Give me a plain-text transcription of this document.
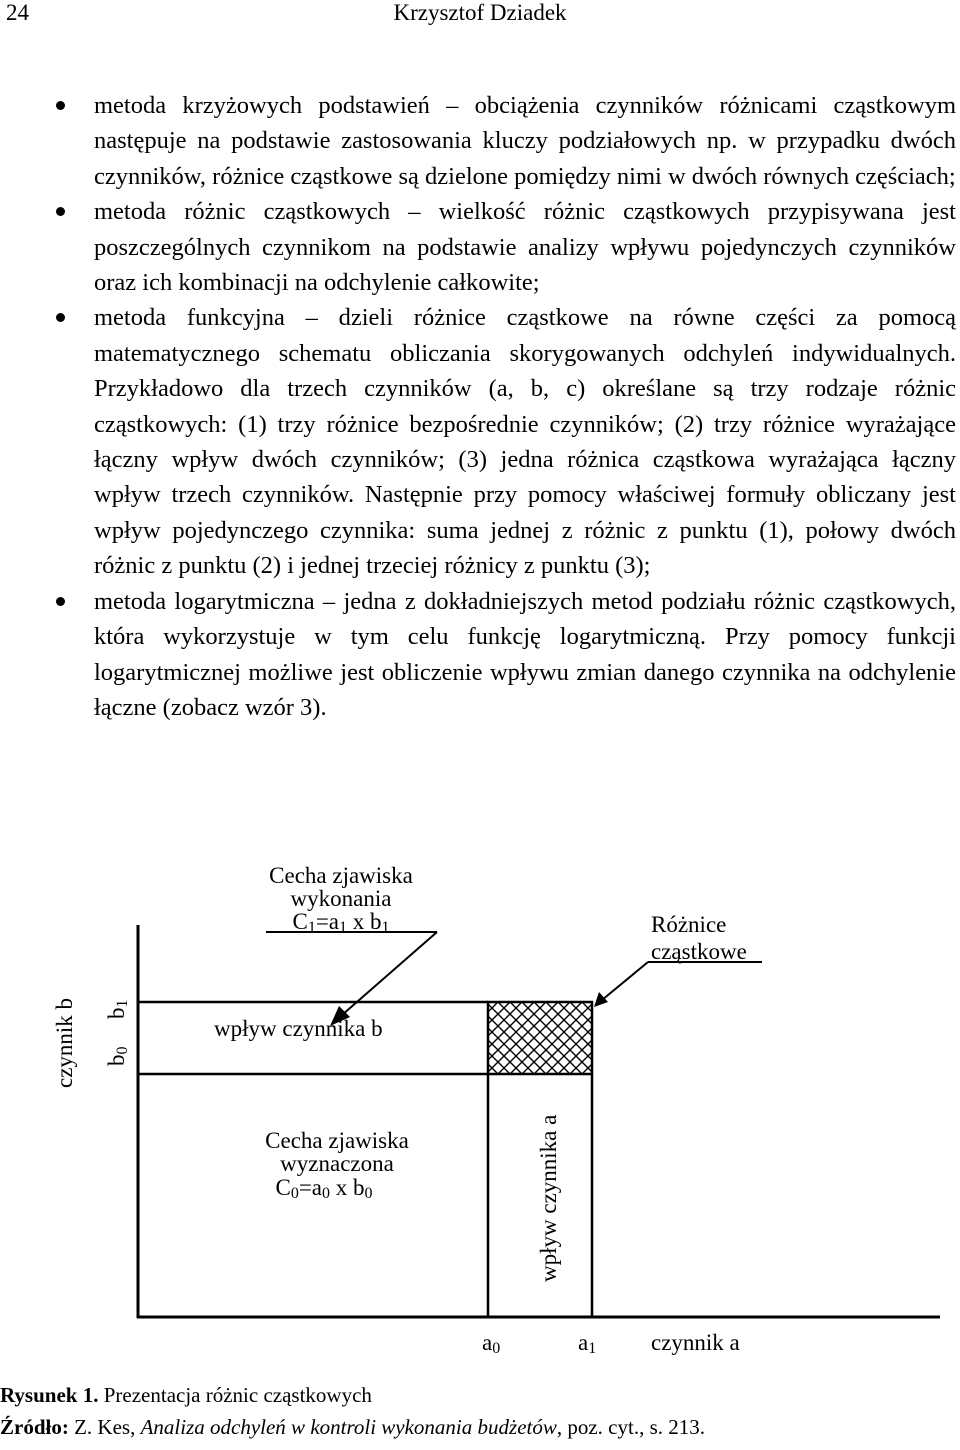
24	Krzysztof Dziadek
metoda krzyżowych podstawień – obciążenia czynników różnicami cząstkowym następuje na podstawie zastosowania kluczy podziałowych np. w przypadku dwóch czynników, różnice cząstkowe są dzielone pomiędzy nimi w dwóch równych częściach;
metoda różnic cząstkowych – wielkość różnic cząstkowych przypisywana jest poszczególnych czynnikom na podstawie analizy wpływu pojedynczych czynników oraz ich kombinacji na odchylenie całkowite;
metoda funkcyjna – dzieli różnice cząstkowe na równe części za pomocą matematycznego schematu obliczania skorygowanych odchyleń indywidualnych. Przykładowo dla trzech czynników (a, b, c) określane są trzy rodzaje różnic cząstkowych: (1) trzy różnice bezpośrednie czynników; (2) trzy różnice wyrażające łączny wpływ dwóch czynników; (3) jedna różnica cząstkowa wyrażająca łączny wpływ trzech czynników. Następnie przy pomocy właściwej formuły obliczany jest wpływ pojedynczego czynnika: suma jednej z różnic z punktu (1), połowy dwóch różnic z punktu (2) i jednej trzeciej różnicy z punktu (3);
metoda logarytmiczna – jedna z dokładniejszych metod podziału różnic cząstkowych, która wykorzystuje w tym celu funkcję logarytmiczną. Przy pomocy funkcji logarytmicznej możliwe jest obliczenie wpływu zmian danego czynnika na odchylenie łączne (zobacz wzór 3).
Cecha zjawiska
wykonania
C1=a1 x b1	Różnice
cząstkowe
wpływ czynnika b
Cecha zjawiska
wyznaczona
C0=a0 x b0	wpływ czynnika a
czynnik b b0
b1
a0	a1 czynnik a
Rysunek 1. Prezentacja różnic cząstkowych
Źródło: Z. Kes, Analiza odchyleń w kontroli wykonania budżetów, poz. cyt., s. 213.
